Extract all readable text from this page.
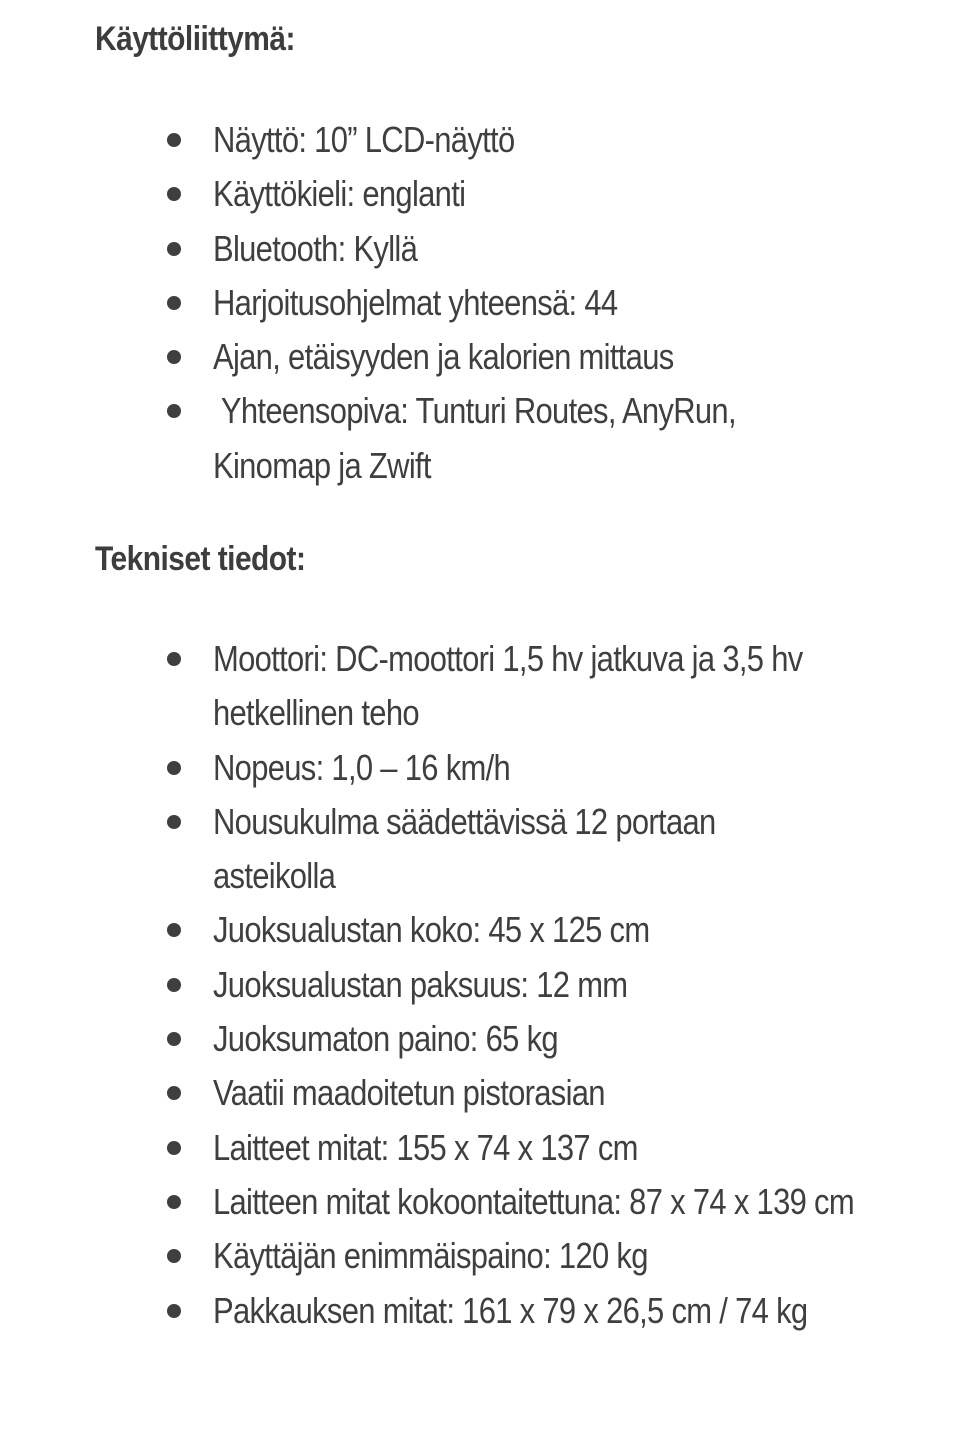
Käyttöliittymä:
Näyttö: 10” LCD-näyttö
Käyttökieli: englanti
Bluetooth: Kyllä
Harjoitusohjelmat yhteensä: 44
Ajan, etäisyyden ja kalorien mittaus
Yhteensopiva: Tunturi Routes, AnyRun, Kinomap ja Zwift
Tekniset tiedot:
Moottori: DC-moottori 1,5 hv jatkuva ja 3,5 hv hetkellinen teho
Nopeus: 1,0 – 16 km/h
Nousukulma säädettävissä 12 portaan asteikolla
Juoksualustan koko: 45 x 125 cm
Juoksualustan paksuus: 12 mm
Juoksumaton paino: 65 kg
Vaatii maadoitetun pistorasian
Laitteet mitat: 155 x 74 x 137 cm
Laitteen mitat kokoontaitettuna: 87 x 74 x 139 cm
Käyttäjän enimmäispaino: 120 kg
Pakkauksen mitat: 161 x 79 x 26,5 cm / 74 kg
